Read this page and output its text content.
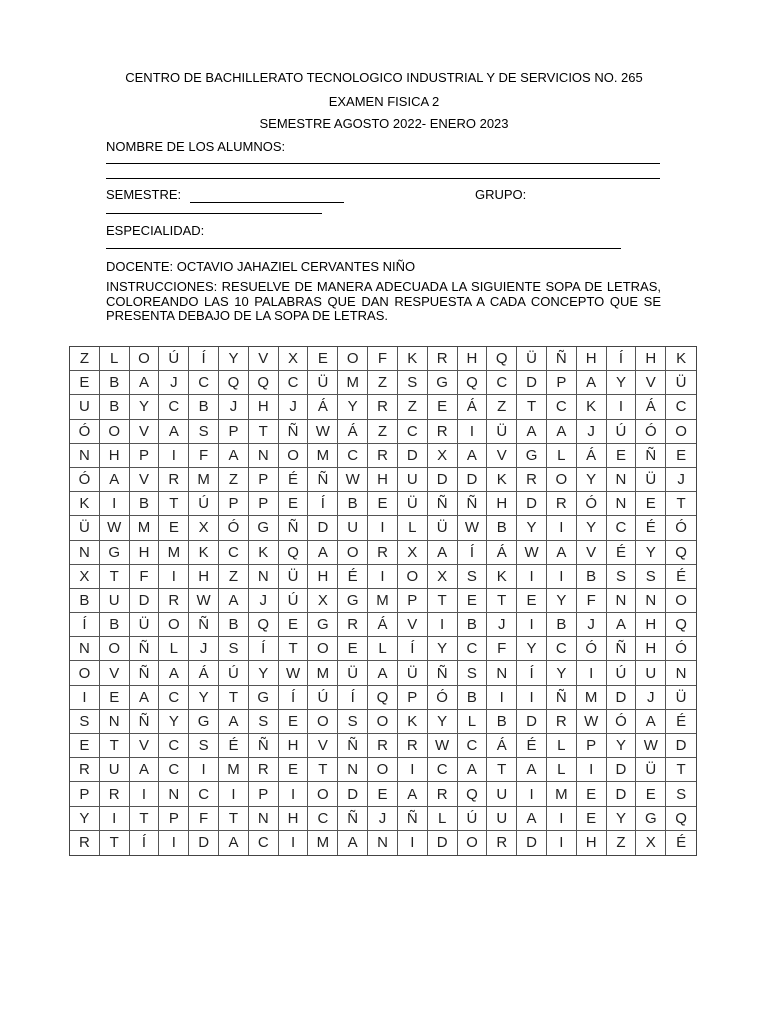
CENTRO DE BACHILLERATO TECNOLOGICO INDUSTRIAL Y DE SERVICIOS NO. 265
EXAMEN FISICA 2
SEMESTRE AGOSTO 2022- ENERO 2023
NOMBRE DE LOS ALUMNOS:
SEMESTRE:	GRUPO:
ESPECIALIDAD:
DOCENTE: OCTAVIO JAHAZIEL CERVANTES NIÑO
INSTRUCCIONES: RESUELVE DE MANERA ADECUADA LA SIGUIENTE SOPA DE LETRAS, COLOREANDO LAS 10 PALABRAS QUE DAN RESPUESTA A CADA CONCEPTO QUE SE PRESENTA DEBAJO DE LA SOPA DE LETRAS.
Z	L	O	Ú	Í	Y	V	X	E	O	F	K	R	H	Q	Ü	Ñ	H	Í	H	K
E	B	A	J	C	Q	Q	C	Ü	M	Z	S	G	Q	C	D	P	A	Y	V	Ü
U	B	Y	C	B	J	H	J	Á	Y	R	Z	E	Á	Z	T	C	K	I	Á	C
Ó	O	V	A	S	P	T	Ñ	W	Á	Z	C	R	I	Ü	A	A	J	Ú	Ó	O
N	H	P	I	F	A	N	O	M	C	R	D	X	A	V	G	L	Á	E	Ñ	E
Ó	A	V	R	M	Z	P	É	Ñ	W	H	U	D	D	K	R	O	Y	N	Ü	J
K	I	B	T	Ú	P	P	E	Í	B	E	Ü	Ñ	Ñ	H	D	R	Ó	N	E	T
Ü	W	M	E	X	Ó	G	Ñ	D	U	I	L	Ü	W	B	Y	I	Y	C	É	Ó
N	G	H	M	K	C	K	Q	A	O	R	X	A	Í	Á	W	A	V	É	Y	Q
X	T	F	I	H	Z	N	Ü	H	É	I	O	X	S	K	I	I	B	S	S	É
B	U	D	R	W	A	J	Ú	X	G	M	P	T	E	T	E	Y	F	N	N	O
Í	B	Ü	O	Ñ	B	Q	E	G	R	Á	V	I	B	J	I	B	J	A	H	Q
N	O	Ñ	L	J	S	Í	T	O	E	L	Í	Y	C	F	Y	C	Ó	Ñ	H	Ó
O	V	Ñ	A	Á	Ú	Y	W	M	Ü	A	Ü	Ñ	S	N	Í	Y	I	Ú	U	N
I	E	A	C	Y	T	G	Í	Ú	Í	Q	P	Ó	B	I	I	Ñ	M	D	J	Ü
S	N	Ñ	Y	G	A	S	E	O	S	O	K	Y	L	B	D	R	W	Ó	A	É
E	T	V	C	S	É	Ñ	H	V	Ñ	R	R	W	C	Á	É	L	P	Y	W	D
R	U	A	C	I	M	R	E	T	N	O	I	C	A	T	A	L	I	D	Ü	T
P	R	I	N	C	I	P	I	O	D	E	A	R	Q	U	I	M	E	D	E	S
Y	I	T	P	F	T	N	H	C	Ñ	J	Ñ	L	Ú	U	A	I	E	Y	G	Q
R	T	Í	I	D	A	C	I	M	A	N	I	D	O	R	D	I	H	Z	X	É
